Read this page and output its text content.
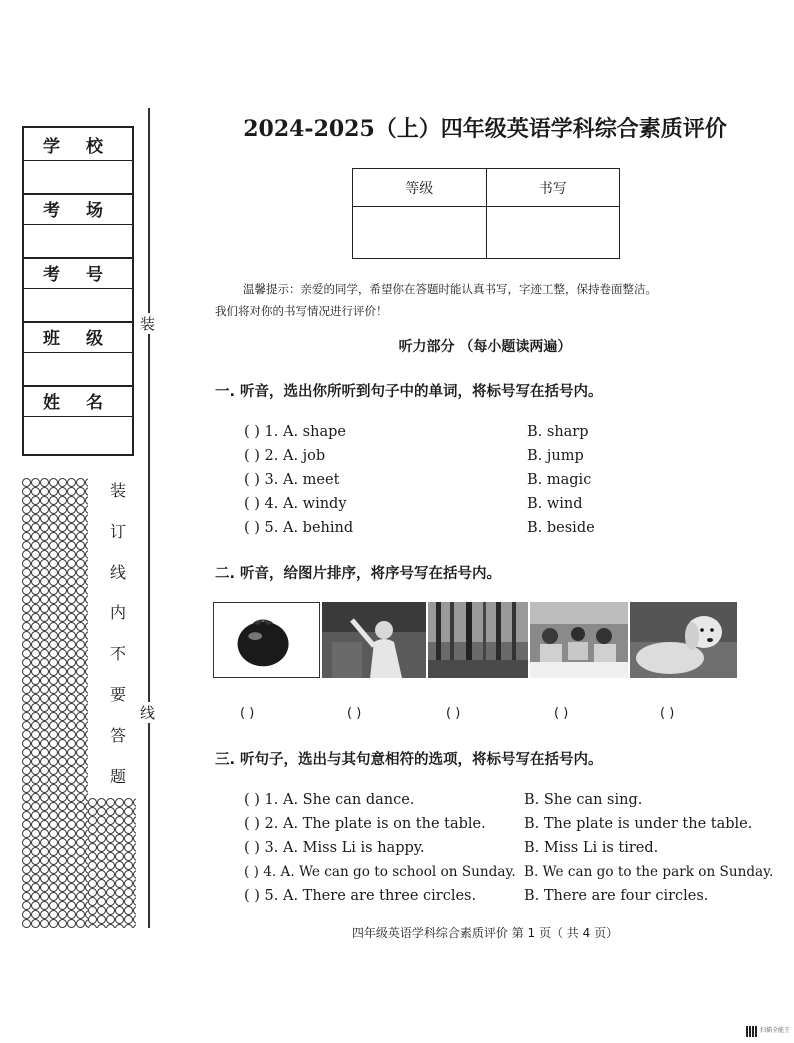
学 校
考 场
考 号
班 级
姓 名
装
线
装
订
线
内
不
要
答
题
2024-2025（上）四年级英语学科综合素质评价
等级	书写

温馨提示：亲爱的同学，希望你在答题时能认真书写，字迹工整，保持卷面整洁。
我们将对你的书写情况进行评价！
听力部分 （每小题读两遍）
一. 听音，选出你所听到句子中的单词，将标号写在括号内。
( ) 1. A. shape	B. sharp
( ) 2. A. job	B. jump
( ) 3. A. meet	B. magic
( ) 4. A. windy	B. wind
( ) 5. A. behind	B. beside
二. 听音，给图片排序，将序号写在括号内。
( )	( )	( )	( )	( )
三. 听句子，选出与其句意相符的选项，将标号写在括号内。
( ) 1. A. She can dance.	B. She can sing.
( ) 2. A. The plate is on the table.	B. The plate is under the table.
( ) 3. A. Miss Li is happy.	B. Miss Li is tired.
( ) 4. A. We can go to school on Sunday. B. We can go to the park on Sunday.
( ) 5. A. There are three circles.	B. There are four circles.
四年级英语学科综合素质评价 第 1 页（ 共 4 页）
扫描全能王
